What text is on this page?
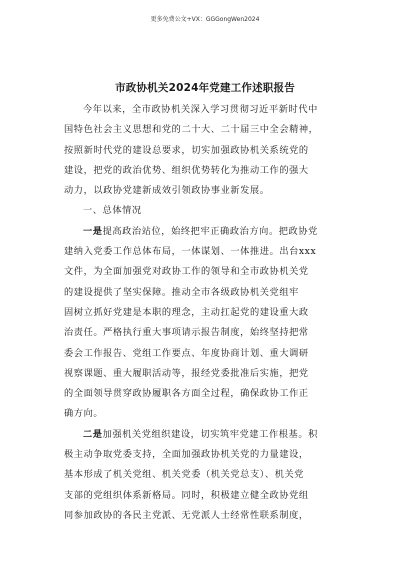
更多免费公文+VX：GGGongWen2024
市政协机关2024年党建工作述职报告
今年以来，全市政协机关深入学习贯彻习近平新时代中
国特色社会主义思想和党的二十大、二十届三中全会精神，
按照新时代党的建设总要求，切实加强政协机关系统党的
建设，把党的政治优势、组织优势转化为推动工作的强大
动力，以政协党建新成效引领政协事业新发展。
一、总体情况
一是提高政治站位，始终把牢正确政治方向。把政协党
建纳入党委工作总体布局，一体谋划、一体推进。出台xxx
文件，为全面加强党对政协工作的领导和全市政协机关党
的建设提供了坚实保障。推动全市各级政协机关党组牢
固树立抓好党建是本职的理念，主动扛起党的建设重大政
治责任。严格执行重大事项请示报告制度，始终坚持把常
委会工作报告、党组工作要点、年度协商计划、重大调研
视察课题、重大履职活动等，报经党委批准后实施，把党
的全面领导贯穿政协履职各方面全过程，确保政协工作正
确方向。
二是加强机关党组织建设，切实筑牢党建工作根基。积
极主动争取党委支持，全面加强政协机关党的力量建设，
基本形成了机关党组、机关党委（机关党总支）、机关党
支部的党组织体系新格局。同时，积极建立健全政协党组
同参加政协的各民主党派、无党派人士经常性联系制度，
